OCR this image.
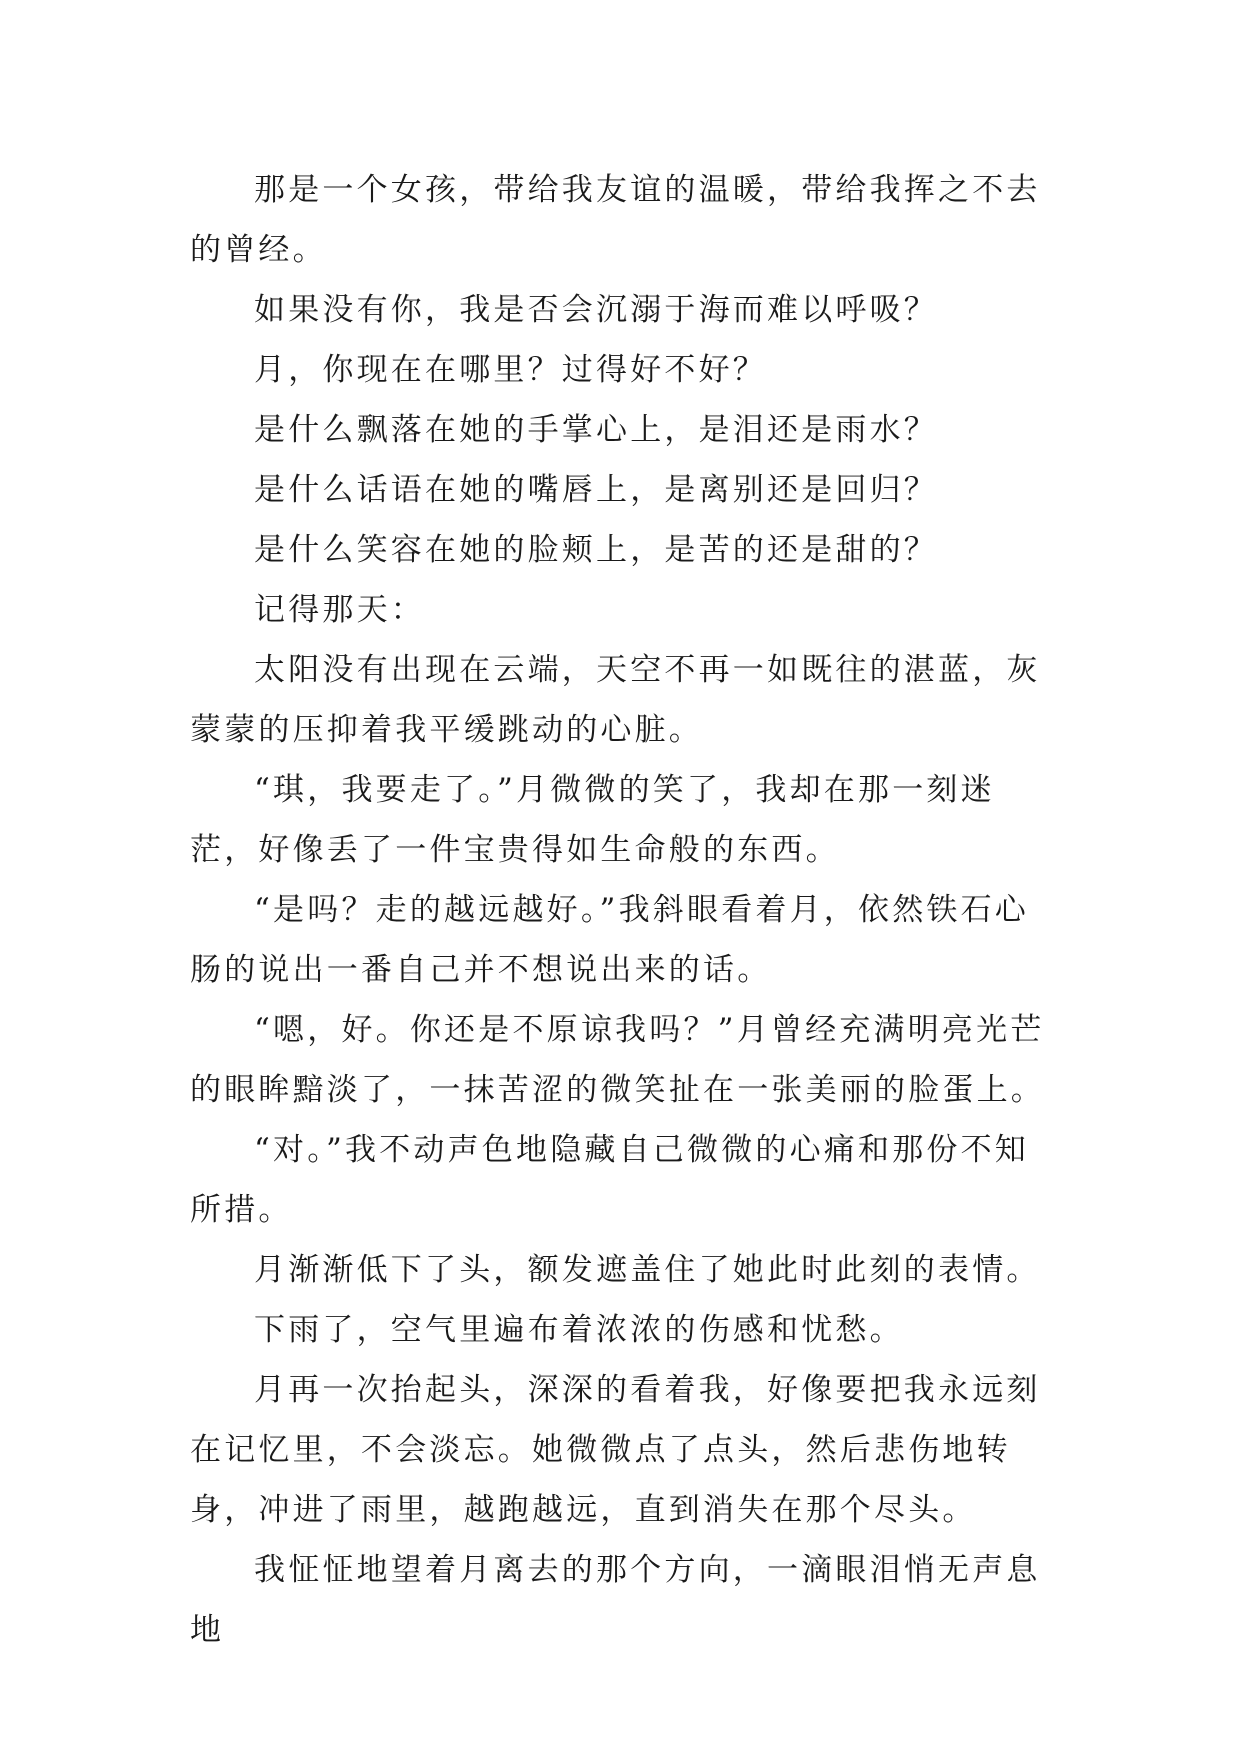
那是一个女孩，带给我友谊的温暖，带给我挥之不去的曾经。

如果没有你，我是否会沉溺于海而难以呼吸？

月，你现在在哪里？过得好不好？

是什么飘落在她的手掌心上，是泪还是雨水？

是什么话语在她的嘴唇上，是离别还是回归？

是什么笑容在她的脸颊上，是苦的还是甜的？

记得那天：

太阳没有出现在云端，天空不再一如既往的湛蓝，灰蒙蒙的压抑着我平缓跳动的心脏。

“琪，我要走了。”月微微的笑了，我却在那一刻迷茫，好像丢了一件宝贵得如生命般的东西。

“是吗？走的越远越好。”我斜眼看着月，依然铁石心肠的说出一番自己并不想说出来的话。

“嗯，好。你还是不原谅我吗？”月曾经充满明亮光芒的眼眸黯淡了，一抹苦涩的微笑扯在一张美丽的脸蛋上。

“对。”我不动声色地隐藏自己微微的心痛和那份不知所措。

月渐渐低下了头，额发遮盖住了她此时此刻的表情。

下雨了，空气里遍布着浓浓的伤感和忧愁。

月再一次抬起头，深深的看着我，好像要把我永远刻在记忆里，不会淡忘。她微微点了点头，然后悲伤地转身，冲进了雨里，越跑越远，直到消失在那个尽头。

我怔怔地望着月离去的那个方向，一滴眼泪悄无声息地
